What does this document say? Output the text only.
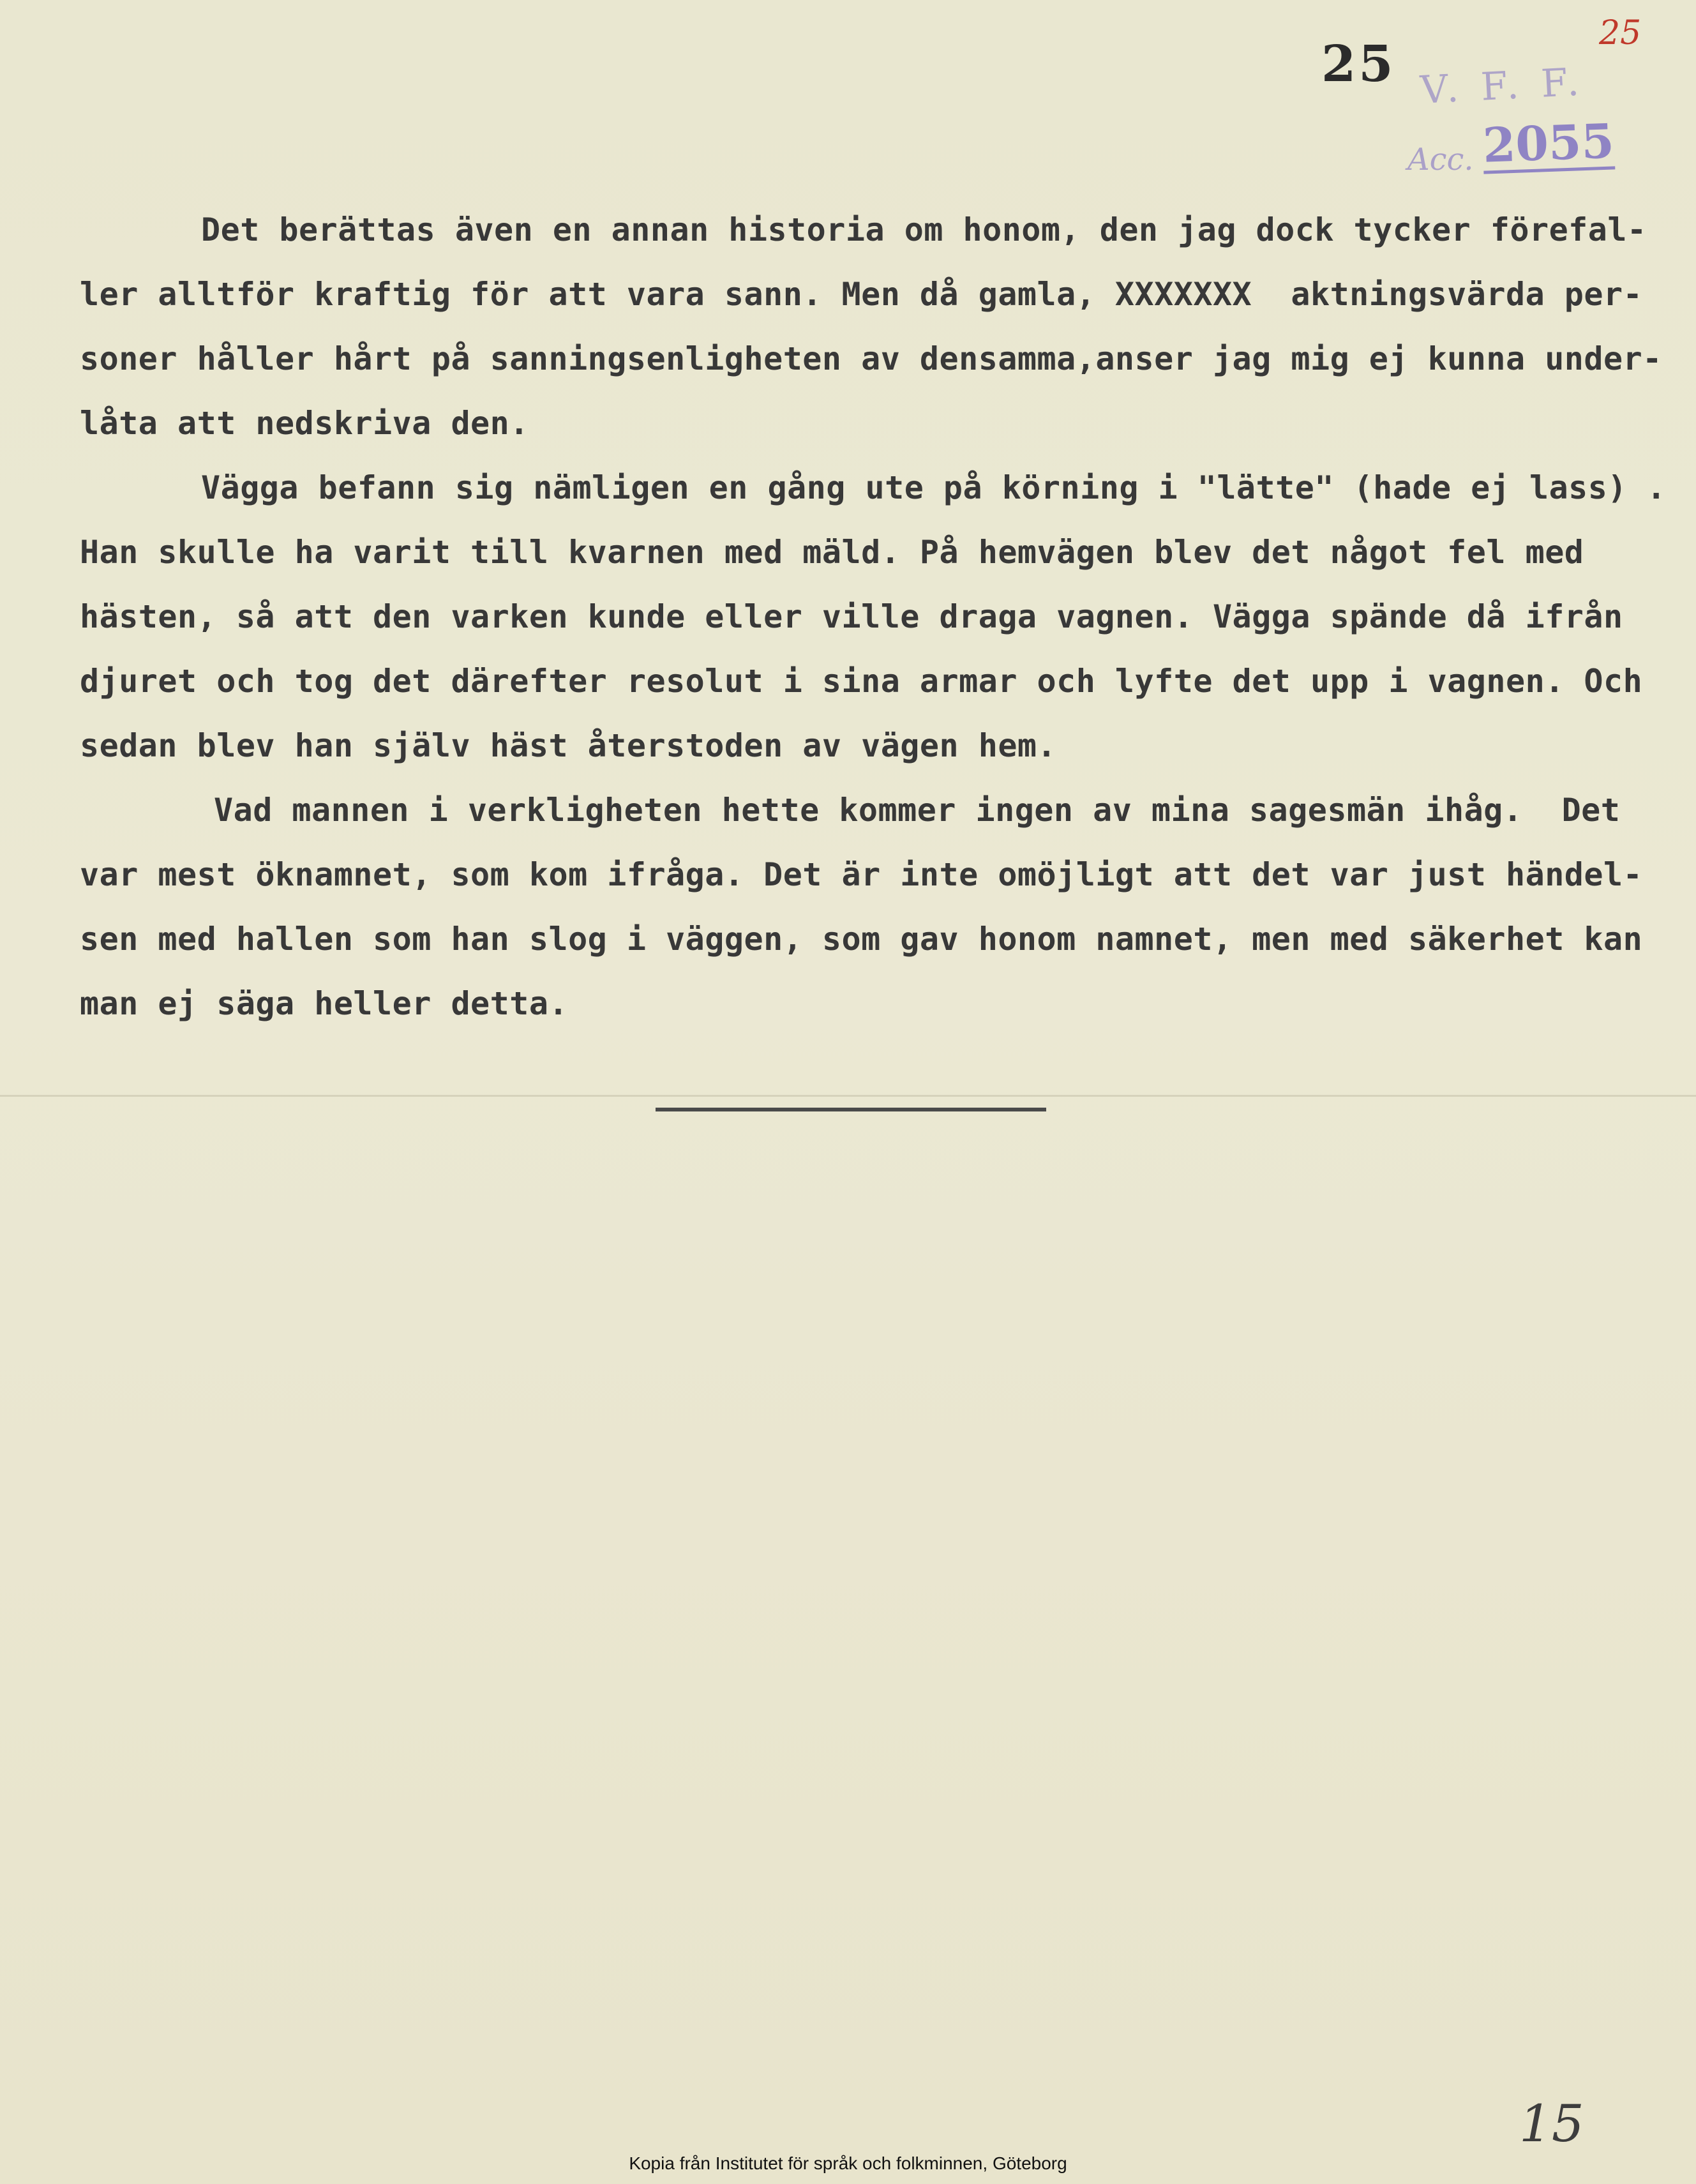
25
25
V. F. F.
Acc. 2055
Det berättas även en annan historia om honom, den jag dock tycker förefal-
ler alltför kraftig för att vara sann. Men då gamla, XXXXXXX  aktningsvärda per-
soner håller hårt på sanningsenligheten av densamma,anser jag mig ej kunna under-
låta att nedskriva den.
Vägga befann sig nämligen en gång ute på körning i "lätte" (hade ej lass) .
Han skulle ha varit till kvarnen med mäld. På hemvägen blev det något fel med
hästen, så att den varken kunde eller ville draga vagnen. Vägga spände då ifrån
djuret och tog det därefter resolut i sina armar och lyfte det upp i vagnen. Och
sedan blev han själv häst återstoden av vägen hem.
Vad mannen i verkligheten hette kommer ingen av mina sagesmän ihåg.  Det
var mest öknamnet, som kom ifråga. Det är inte omöjligt att det var just händel-
sen med hallen som han slog i väggen, som gav honom namnet, men med säkerhet kan
man ej säga heller detta.
15
Kopia från Institutet för språk och folkminnen, Göteborg
